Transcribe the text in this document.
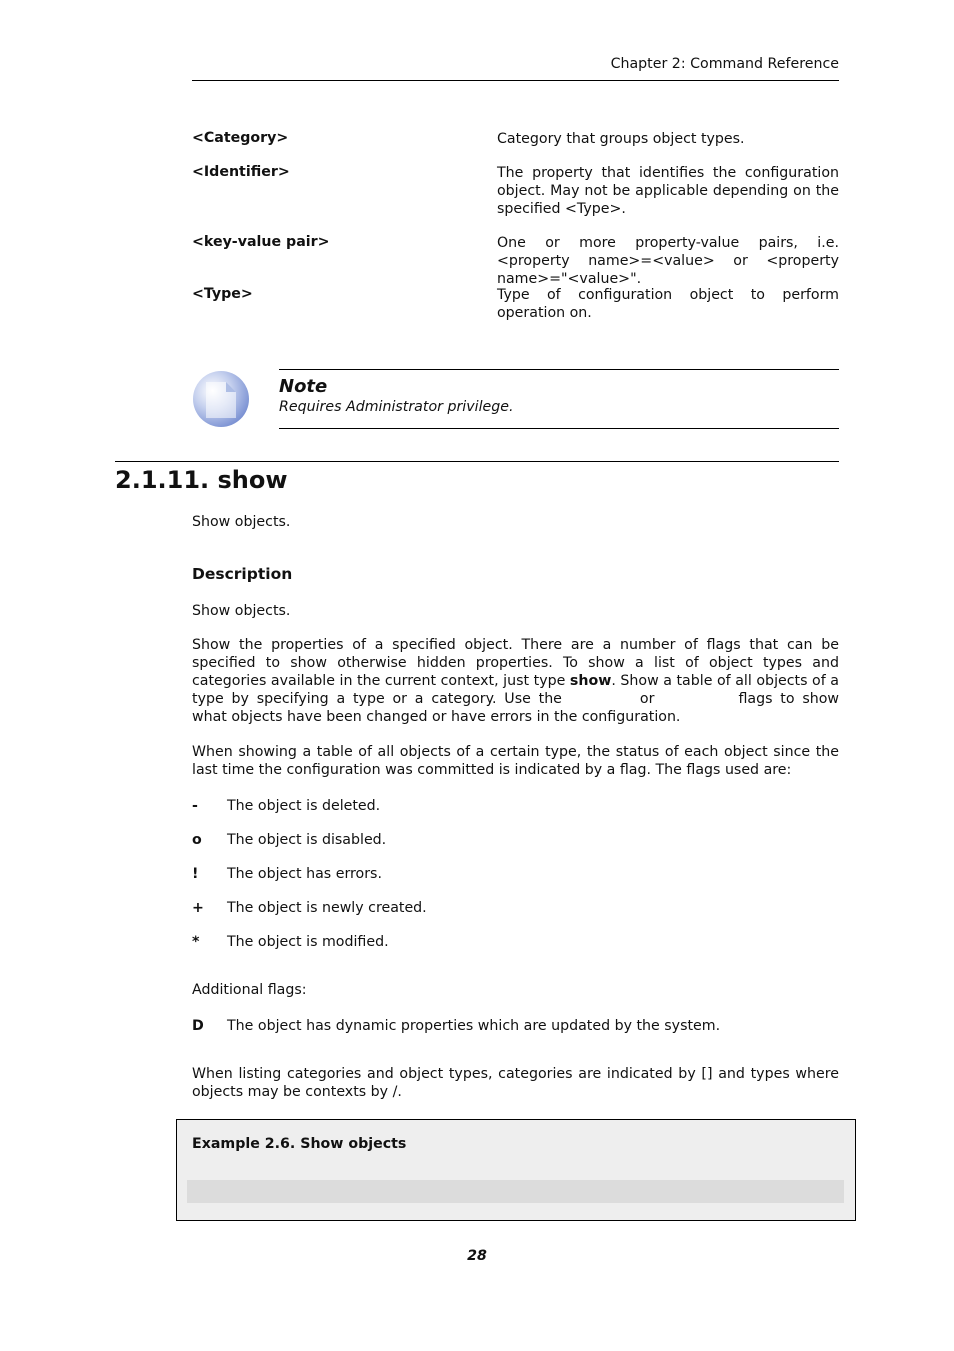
Chapter 2: Command Reference
<Category>	Category that groups object types.
<Identifier>	The property that identifies the configuration object. May not be applicable depending on the specified <Type>.
<key-value pair>	One or more property-value pairs, i.e. <property name>=<value> or <property name>="<value>".
<Type>	Type of configuration object to perform operation on.
Note
Requires Administrator privilege.
2.1.11. show
Show objects.
Description
Show objects.
Show the properties of a specified object. There are a number of flags that can be specified to show otherwise hidden properties. To show a list of object types and categories available in the current context, just type show. Show a table of all objects of a type by specifying a type or a category. Use the	or	flags to show what objects have been changed or have errors in the configuration.
When showing a table of all objects of a certain type, the status of each object since the last time the configuration was committed is indicated by a flag. The flags used are:
- The object is deleted.
o The object is disabled.
! The object has errors.
+ The object is newly created.
* The object is modified.
Additional flags:
D The object has dynamic properties which are updated by the system.
When listing categories and object types, categories are indicated by [] and types where objects may be contexts by /.
Example 2.6. Show objects
28
